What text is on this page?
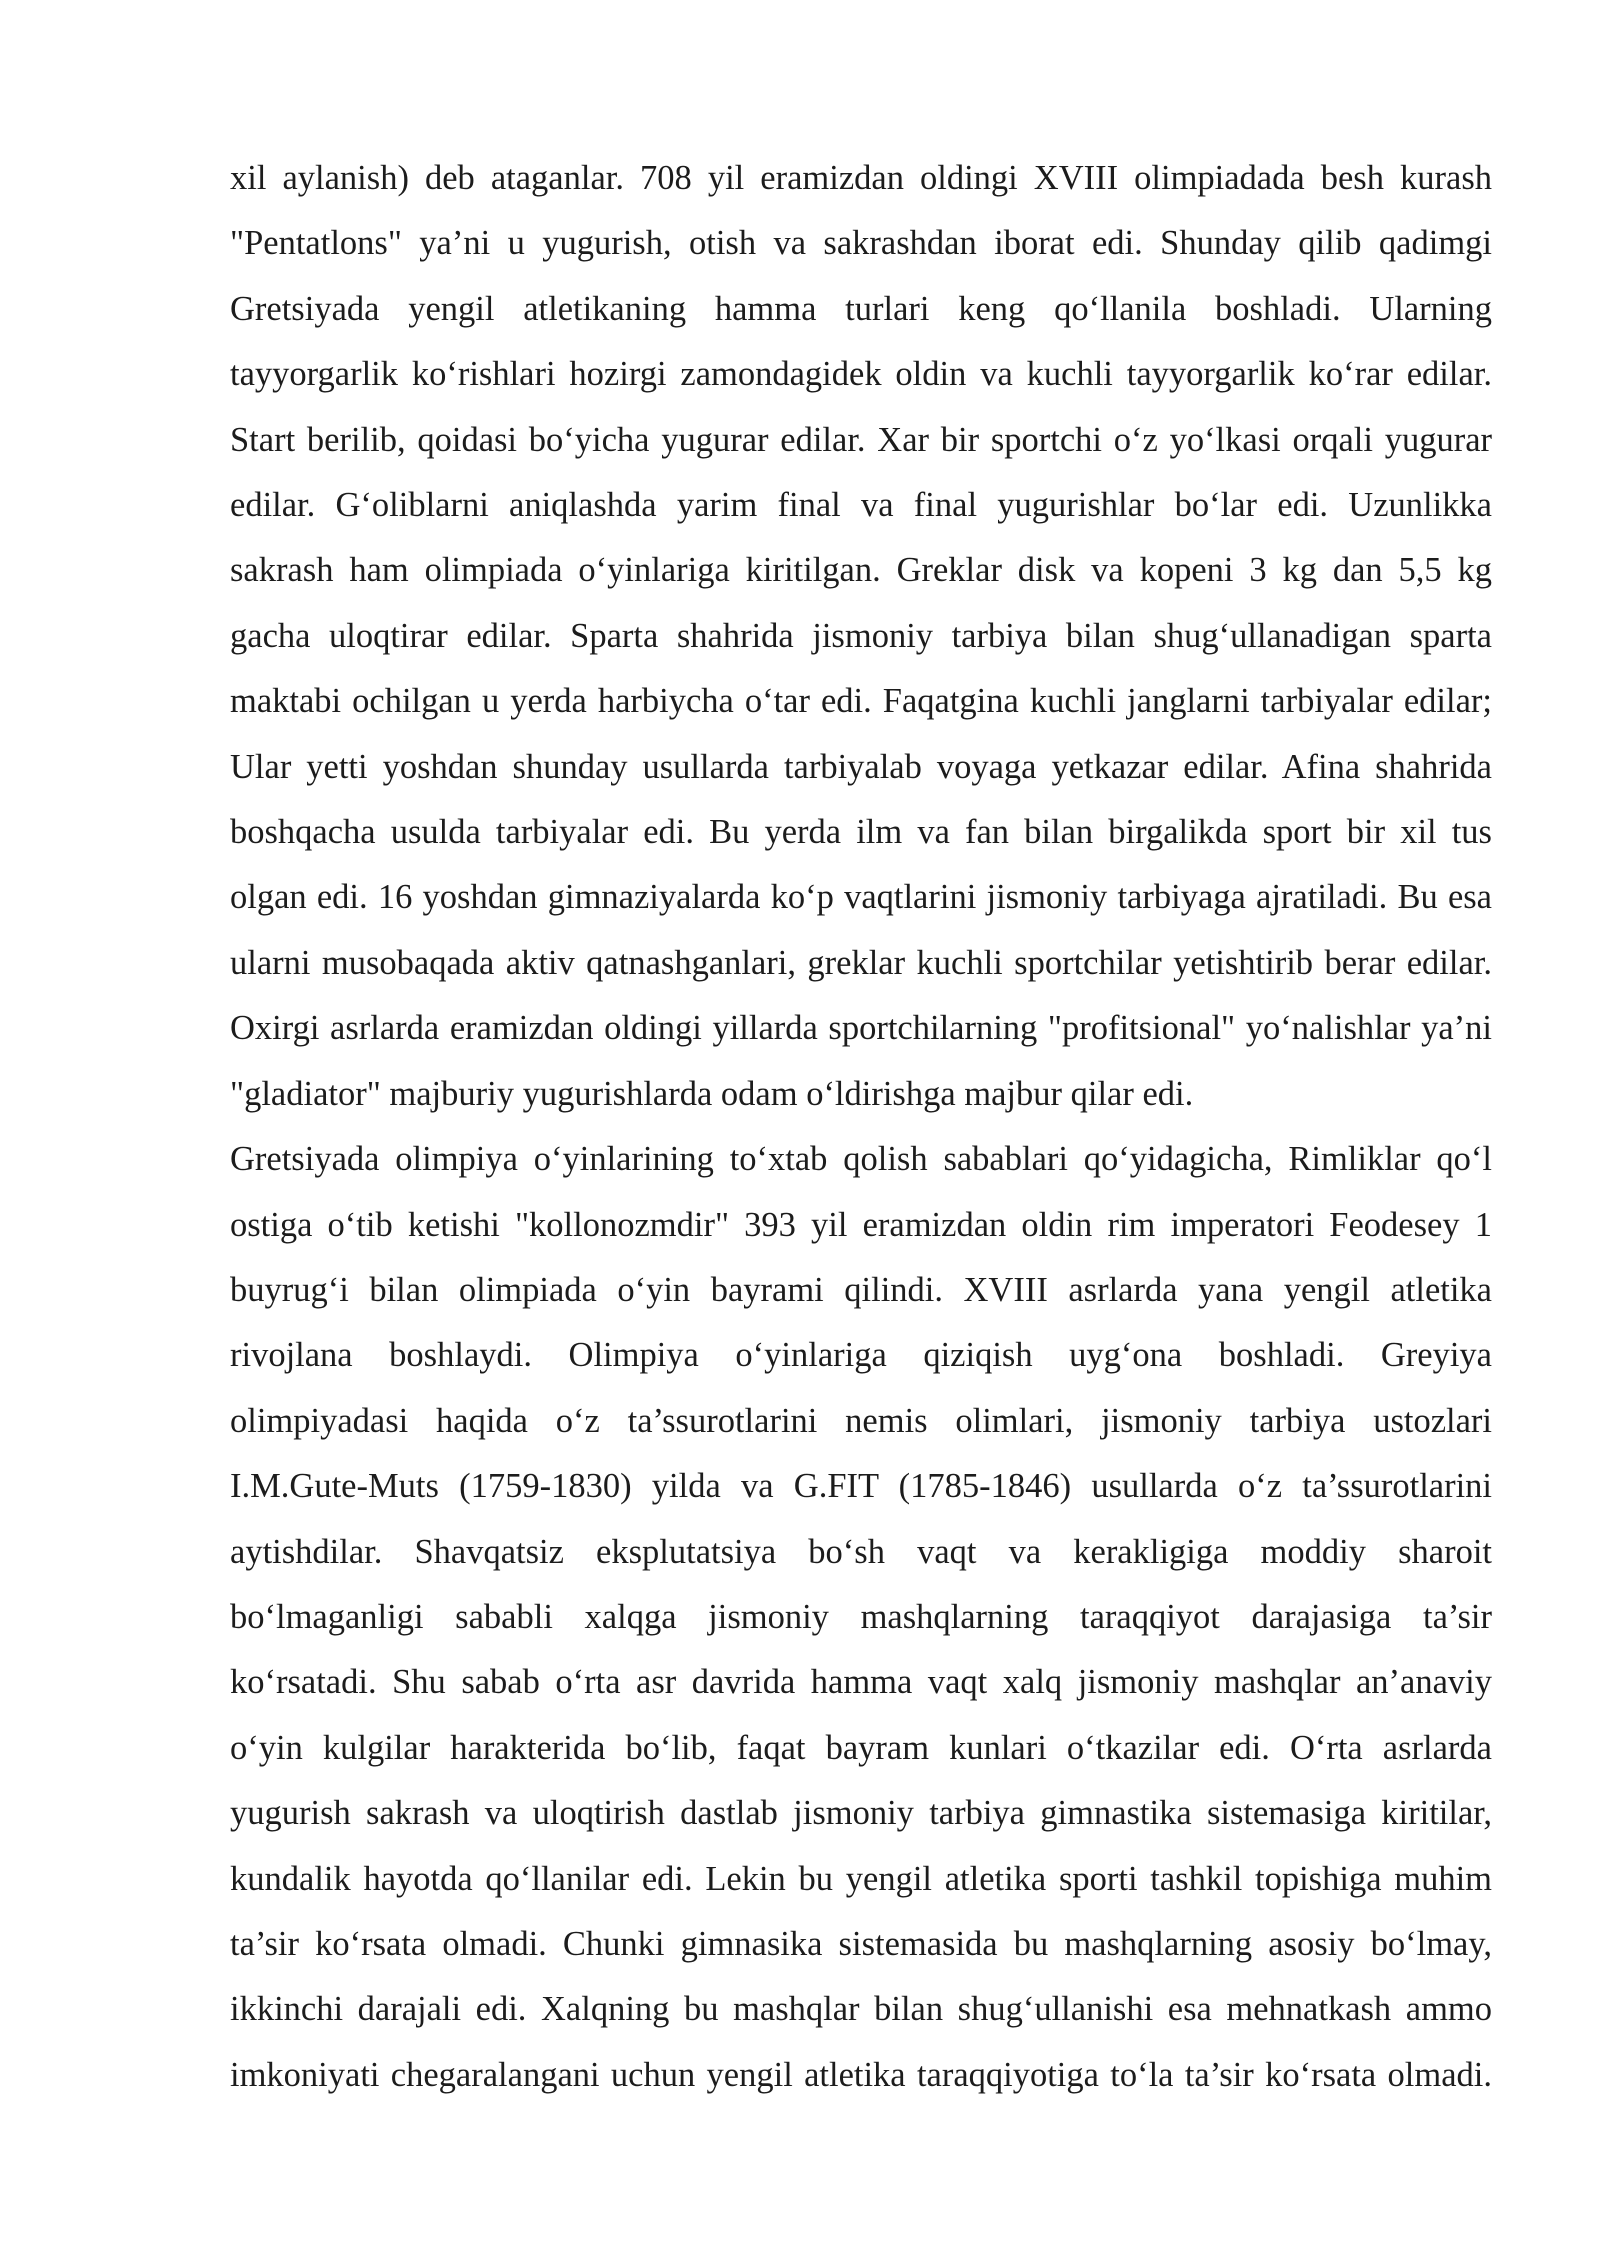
xil aylanish) deb ataganlar. 708 yil eramizdan oldingi XVIII olimpiadada besh kurash
"Pentatlons" ya’ni u yugurish, otish va sakrashdan iborat edi. Shunday qilib qadimgi
Gretsiyada yengil atletikaning hamma turlari keng qo‘llanila boshladi. Ularning
tayyorgarlik ko‘rishlari hozirgi zamondagidek oldin va kuchli tayyorgarlik ko‘rar edilar.
Start berilib, qoidasi bo‘yicha yugurar edilar. Xar bir sportchi o‘z yo‘lkasi orqali yugurar
edilar. G‘oliblarni aniqlashda yarim final va final yugurishlar bo‘lar edi. Uzunlikka
sakrash ham olimpiada o‘yinlariga kiritilgan. Greklar disk va kopeni 3 kg dan 5,5 kg
gacha uloqtirar edilar. Sparta shahrida jismoniy tarbiya bilan shug‘ullanadigan sparta
maktabi ochilgan u yerda harbiycha o‘tar edi. Faqatgina kuchli janglarni tarbiyalar edilar;
Ular yetti yoshdan shunday usullarda tarbiyalab voyaga yetkazar edilar. Afina shahrida
boshqacha usulda tarbiyalar edi. Bu yerda ilm va fan bilan birgalikda sport bir xil tus
olgan edi. 16 yoshdan gimnaziyalarda ko‘p vaqtlarini jismoniy tarbiyaga ajratiladi. Bu esa
ularni musobaqada aktiv qatnashganlari, greklar kuchli sportchilar yetishtirib berar edilar.
Oxirgi asrlarda eramizdan oldingi yillarda sportchilarning "profitsional" yo‘nalishlar ya’ni
"gladiator" majburiy yugurishlarda odam o‘ldirishga majbur qilar edi.
Gretsiyada olimpiya o‘yinlarining to‘xtab qolish sabablari qo‘yidagicha, Rimliklar qo‘l
ostiga o‘tib ketishi "kollonozmdir" 393 yil eramizdan oldin rim imperatori Feodesey 1
buyrug‘i bilan olimpiada o‘yin bayrami qilindi. XVIII asrlarda yana yengil atletika
rivojlana boshlaydi. Olimpiya o‘yinlariga qiziqish uyg‘ona boshladi. Greyiya
olimpiyadasi haqida o‘z ta’ssurotlarini nemis olimlari, jismoniy tarbiya ustozlari
I.M.Gute-Muts (1759-1830) yilda va G.FIT (1785-1846) usullarda o‘z ta’ssurotlarini
aytishdilar. Shavqatsiz eksplutatsiya bo‘sh vaqt va kerakligiga moddiy sharoit
bo‘lmaganligi sababli xalqga jismoniy mashqlarning taraqqiyot darajasiga ta’sir
ko‘rsatadi. Shu sabab o‘rta asr davrida hamma vaqt xalq jismoniy mashqlar an’anaviy
o‘yin kulgilar harakterida bo‘lib, faqat bayram kunlari o‘tkazilar edi. O‘rta asrlarda
yugurish sakrash va uloqtirish dastlab jismoniy tarbiya gimnastika sistemasiga kiritilar,
kundalik hayotda qo‘llanilar edi. Lekin bu yengil atletika sporti tashkil topishiga muhim
ta’sir ko‘rsata olmadi. Chunki gimnasika sistemasida bu mashqlarning asosiy bo‘lmay,
ikkinchi darajali edi. Xalqning bu mashqlar bilan shug‘ullanishi esa mehnatkash ammo
imkoniyati chegaralangani uchun yengil atletika taraqqiyotiga to‘la ta’sir ko‘rsata olmadi.
